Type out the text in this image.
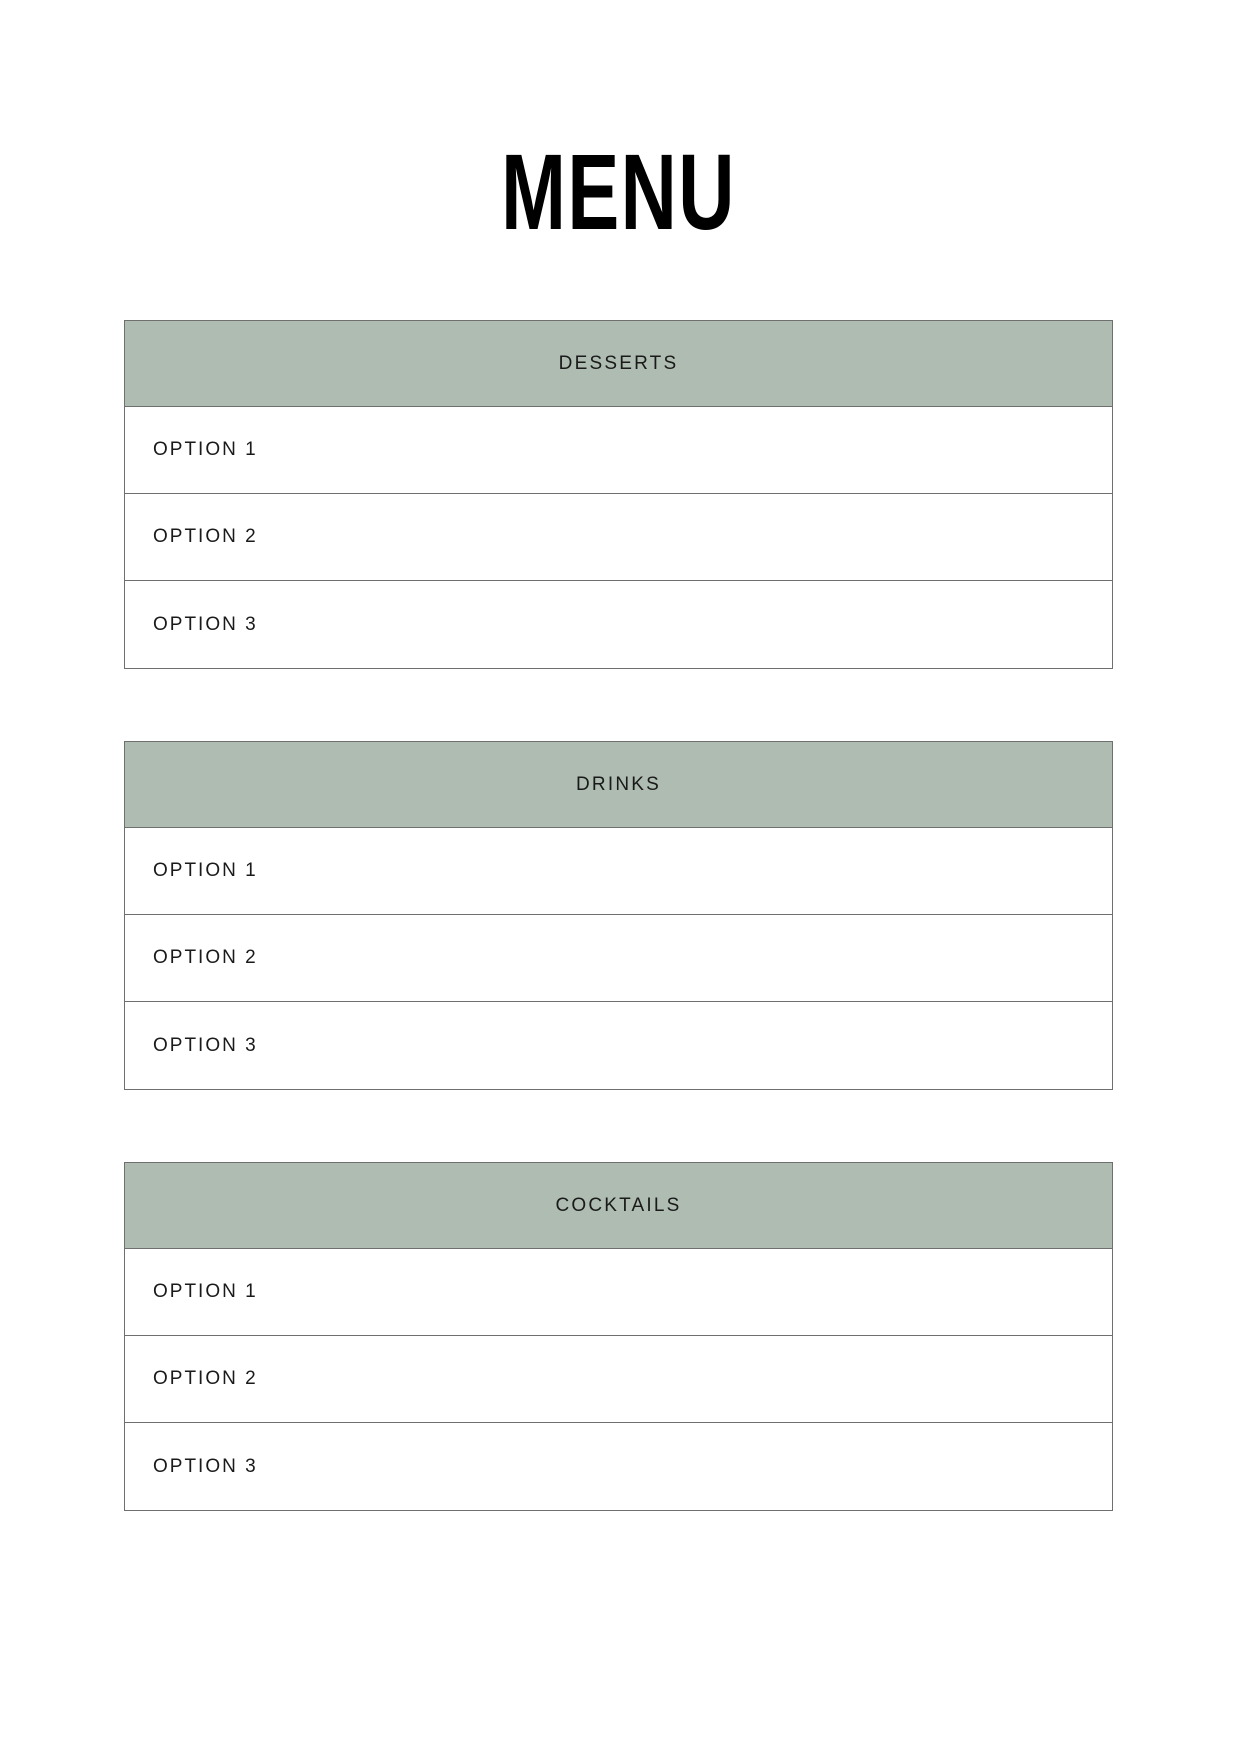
MENU
DESSERTS
OPTION 1
OPTION 2
OPTION 3
DRINKS
OPTION 1
OPTION 2
OPTION 3
COCKTAILS
OPTION 1
OPTION 2
OPTION 3
